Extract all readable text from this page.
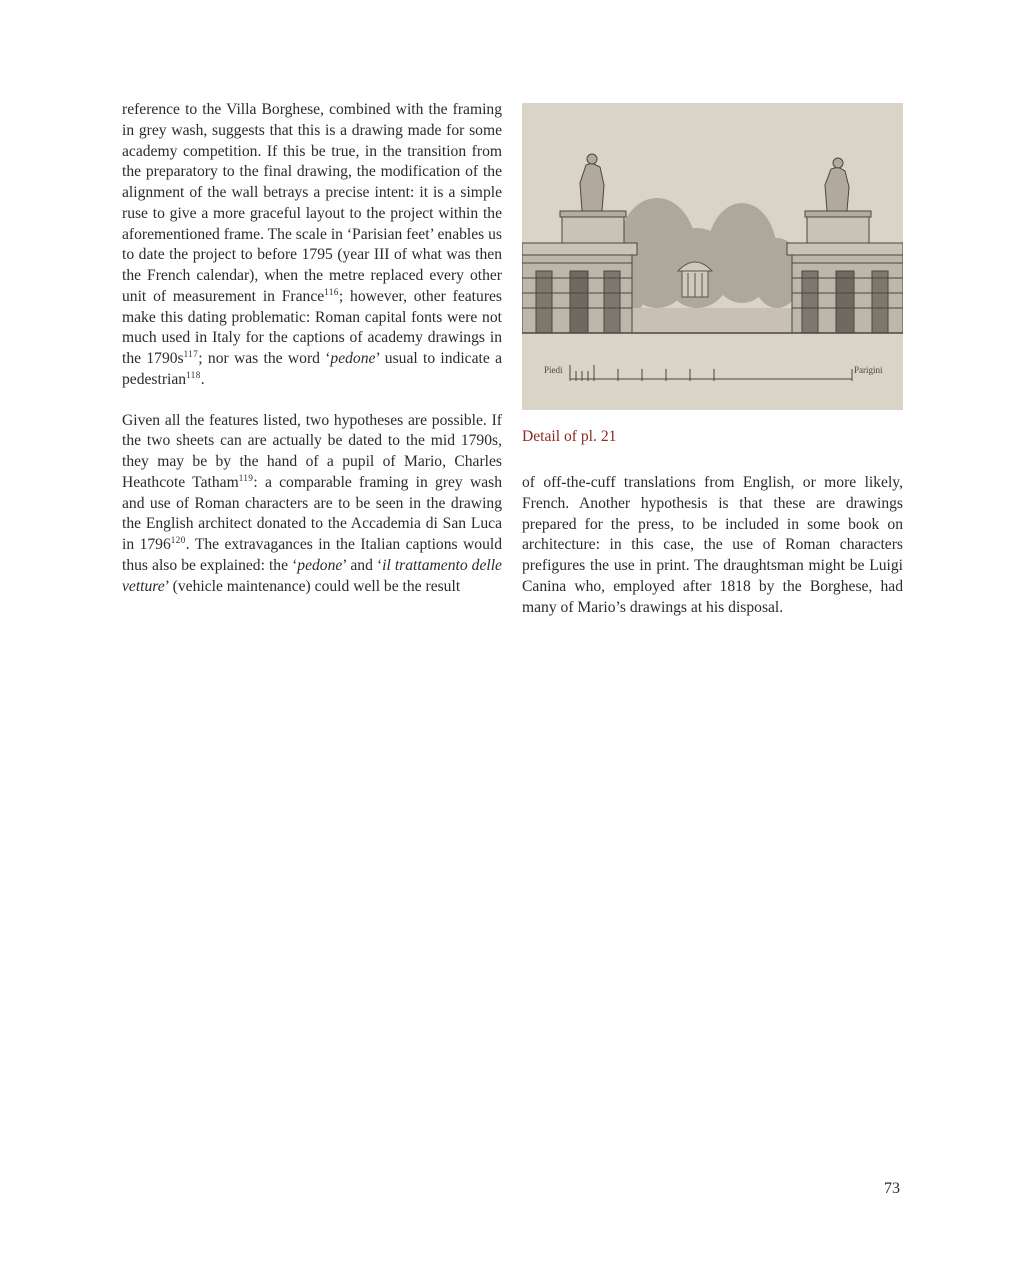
reference to the Villa Borghese, combined with the framing in grey wash, suggests that this is a drawing made for some academy competition. If this be true, in the transition from the preparatory to the final drawing, the modification of the alignment of the wall betrays a precise intent: it is a simple ruse to give a more graceful layout to the project within the aforementioned frame. The scale in ‘Parisian feet’ enables us to date the project to before 1795 (year III of what was then the French calendar), when the metre replaced every other unit of measurement in France$^{116}$; however, other features make this dating problematic: Roman capital fonts were not much used in Italy for the captions of academy drawings in the $1790s^{117}$; nor was the word ‘pedone’ usual to indicate a pedestrian$^{118}$.

Given all the features listed, two hypotheses are possible. If the two sheets can are actually be dated to the mid 1790s, they may be by the hand of a pupil of Mario, Charles Heathcote Tatham$^{119}$: a comparable framing in grey wash and use of Roman characters are to be seen in the drawing the English architect donated to the Accademia di San Luca in 1796$^{120}$. The extravagances in the Italian captions would thus also be explained: the ‘pedone’ and ‘il trattamento delle vetture’ (vehicle maintenance) could well be the result

Piedi	Parigini
Detail of pl. 21

of off-the-cuff translations from English, or more likely, French. Another hypothesis is that these are drawings prepared for the press, to be included in some book on architecture: in this case, the use of Roman characters prefigures the use in print. The draughtsman might be Luigi Canina who, employed after 1818 by the Borghese, had many of Mario’s drawings at his disposal.

73
